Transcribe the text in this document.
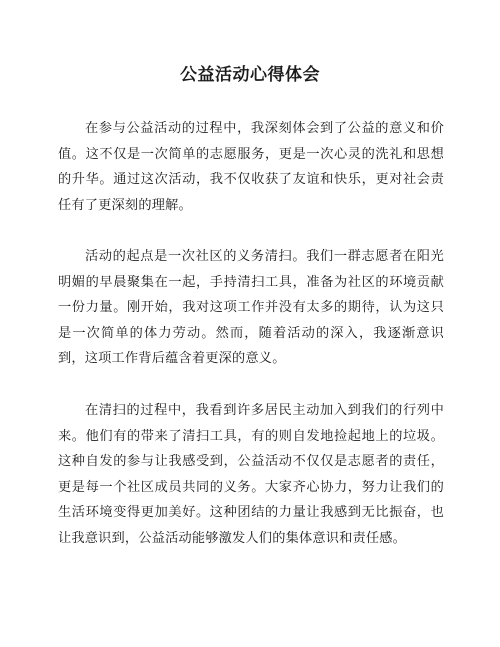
公益活动心得体会

在参与公益活动的过程中，我深刻体会到了公益的意义和价值。这不仅是一次简单的志愿服务，更是一次心灵的洗礼和思想的升华。通过这次活动，我不仅收获了友谊和快乐，更对社会责任有了更深刻的理解。

活动的起点是一次社区的义务清扫。我们一群志愿者在阳光明媚的早晨聚集在一起，手持清扫工具，准备为社区的环境贡献一份力量。刚开始，我对这项工作并没有太多的期待，认为这只是一次简单的体力劳动。然而，随着活动的深入，我逐渐意识到，这项工作背后蕴含着更深的意义。

在清扫的过程中，我看到许多居民主动加入到我们的行列中来。他们有的带来了清扫工具，有的则自发地捡起地上的垃圾。这种自发的参与让我感受到，公益活动不仅仅是志愿者的责任，更是每一个社区成员共同的义务。大家齐心协力，努力让我们的生活环境变得更加美好。这种团结的力量让我感到无比振奋，也让我意识到，公益活动能够激发人们的集体意识和责任感。
